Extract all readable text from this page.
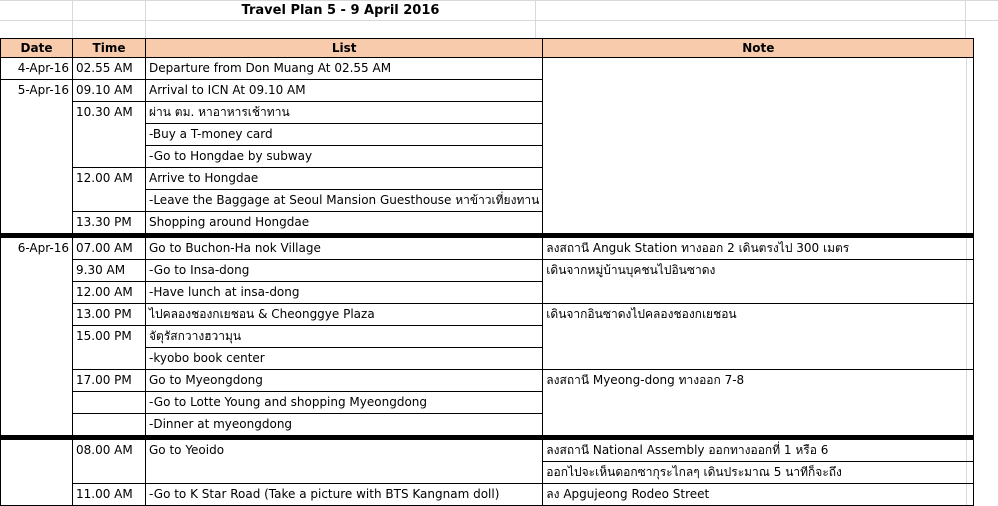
Travel Plan 5 - 9 April 2016
Date	Time	List	Note
4-Apr-16	02.55 AM	Departure from Don Muang At 02.55 AM	
5-Apr-16	09.10 AM	Arrival to ICN At 09.10 AM	
	10.30 AM	ผ่าน ตม. หาอาหารเช้าทาน	
		-Buy a T-money card	
		-Go to Hongdae by subway	
	12.00 AM	Arrive to Hongdae	
		-Leave the Baggage at Seoul Mansion Guesthouse หาข้าวเที่ยงทาน	
	13.30 PM	Shopping around Hongdae	

6-Apr-16	07.00 AM	Go to Buchon-Ha nok Village	ลงสถานี Anguk Station ทางออก 2 เดินตรงไป 300 เมตร
	9.30 AM	-Go to Insa-dong	เดินจากหมู่บ้านบุคชนไปอินซาดง
	12.00 AM	-Have lunch at insa-dong	
	13.00 PM	ไปคลองชองกเยชอน & Cheonggye Plaza	เดินจากอินซาดงไปคลองชองกเยชอน
	15.00 PM	จัตุรัสกวางฮวามุน	
		-kyobo book center	
	17.00 PM	Go to Myeongdong	ลงสถานี Myeong-dong ทางออก 7-8
		-Go to Lotte Young and shopping Myeongdong	
		-Dinner at myeongdong	

	08.00 AM	Go to Yeoido	ลงสถานี National Assembly ออกทางออกที่ 1 หรือ 6
			ออกไปจะเห็นดอกซากุระไกลๆ เดินประมาณ 5 นาทีก็จะถึง
	11.00 AM	-Go to K Star Road (Take a picture with BTS Kangnam doll)	ลง Apgujeong Rodeo Street
